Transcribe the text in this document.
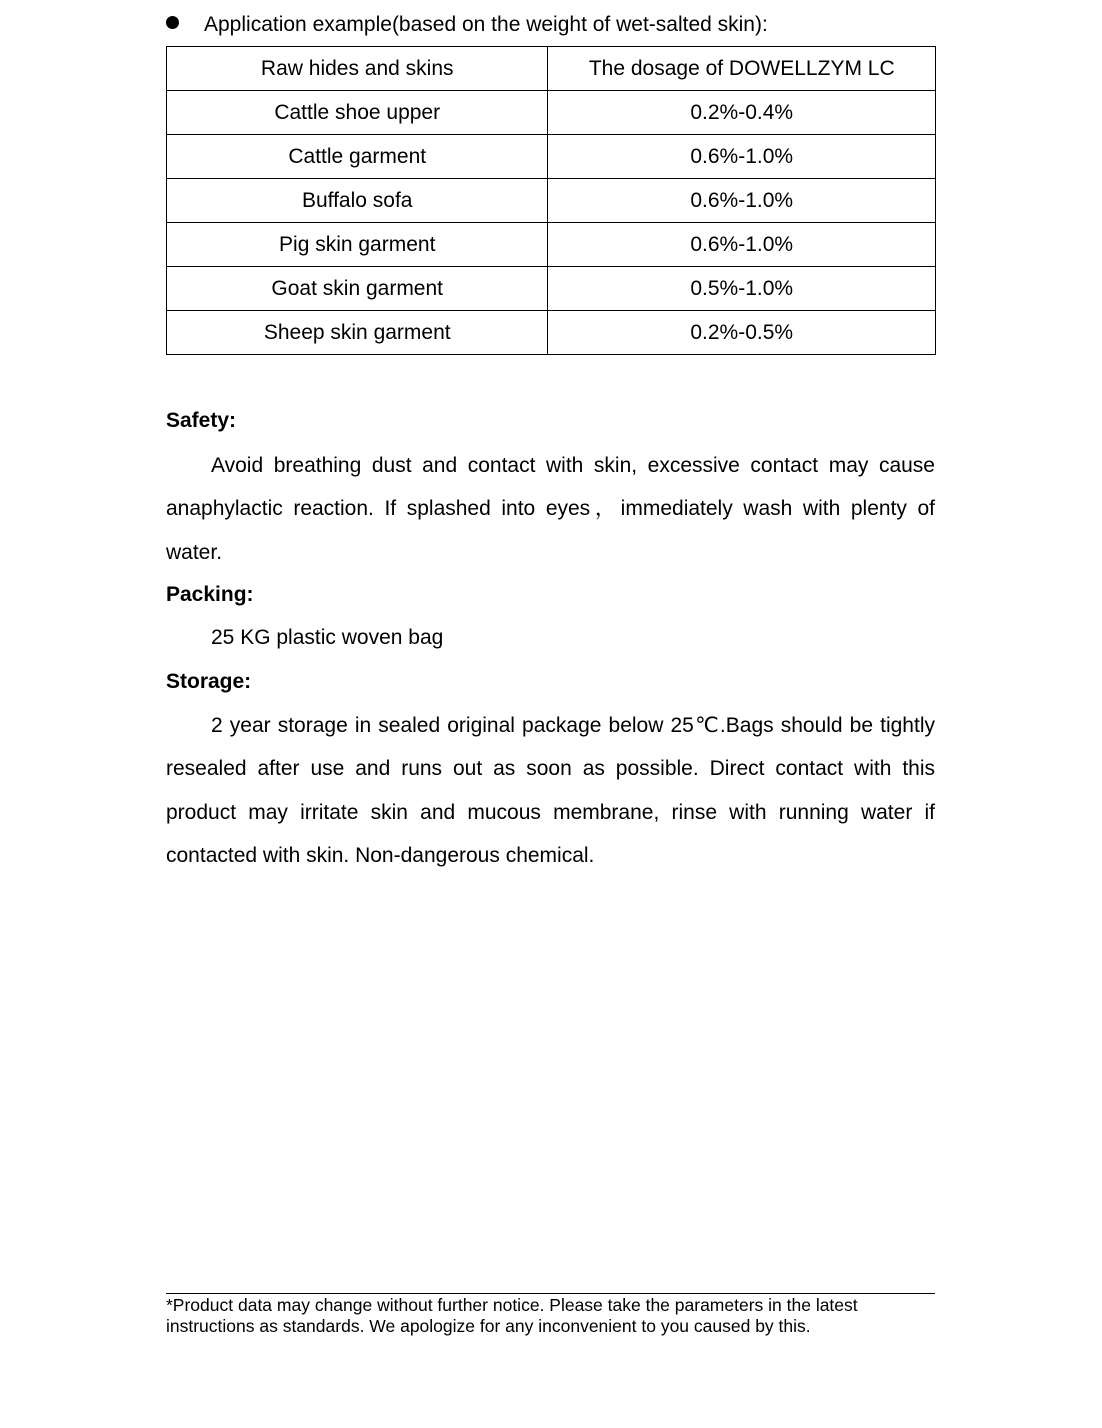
Application example(based on the weight of wet-salted skin):
Raw hides and skins	The dosage of DOWELLZYM LC
Cattle shoe upper	0.2%-0.4%
Cattle garment	0.6%-1.0%
Buffalo sofa	0.6%-1.0%
Pig skin garment	0.6%-1.0%
Goat skin garment	0.5%-1.0%
Sheep skin garment	0.2%-0.5%
Safety:

Avoid breathing dust and contact with skin, excessive contact may cause anaphylactic reaction. If splashed into eyes，immediately wash with plenty of water.

Packing:
25 KG plastic woven bag
Storage:

2 year storage in sealed original package below 25℃.Bags should be tightly resealed after use and runs out as soon as possible. Direct contact with this product may irritate skin and mucous membrane, rinse with running water if contacted with skin. Non-dangerous chemical.

*Product data may change without further notice. Please take the parameters in the latest instructions as standards. We apologize for any inconvenient to you caused by this.
